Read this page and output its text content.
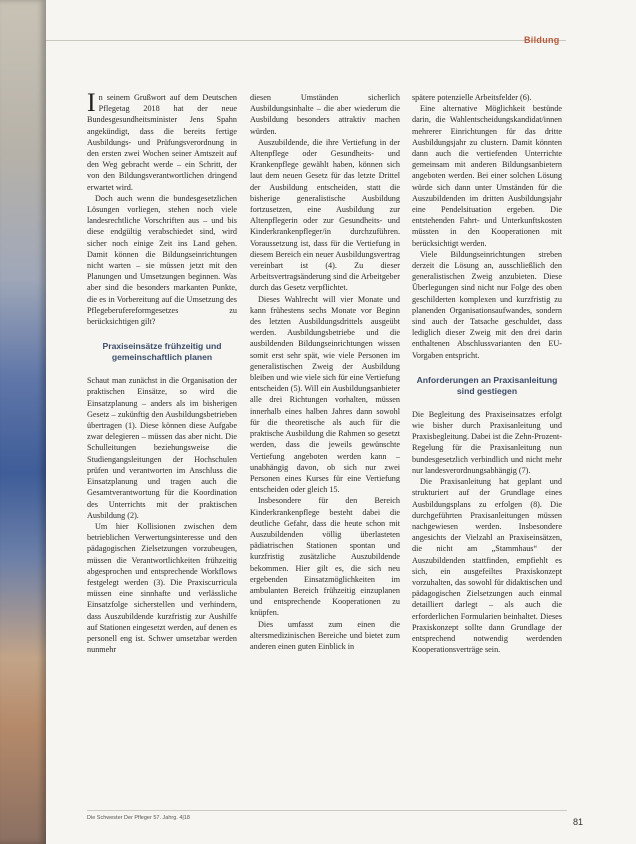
Bildung

In seinem Grußwort auf dem Deutschen Pflegetag 2018 hat der neue Bundesgesundheitsminister Jens Spahn angekündigt, dass die bereits fertige Ausbildungs- und Prüfungsverordnung in den ersten zwei Wochen seiner Amtszeit auf den Weg gebracht werde – ein Schritt, der von den Bildungsverantwortlichen dringend erwartet wird.

Doch auch wenn die bundesgesetzlichen Lösungen vorliegen, stehen noch viele landesrechtliche Vorschriften aus – und bis diese endgültig verabschiedet sind, wird sicher noch einige Zeit ins Land gehen. Damit können die Bildungseinrichtungen nicht warten – sie müssen jetzt mit den Planungen und Umsetzungen beginnen. Was aber sind die besonders markanten Punkte, die es in Vorbereitung auf die Umsetzung des Pflegeberufereformgesetzes zu berücksichtigen gilt?

Praxiseinsätze frühzeitig und gemeinschaftlich planen

Schaut man zunächst in die Organisation der praktischen Einsätze, so wird die Einsatzplanung – anders als im bisherigen Gesetz – zukünftig den Ausbildungsbetrieben übertragen (1). Diese können diese Aufgabe zwar delegieren – müssen das aber nicht. Die Schulleitungen beziehungsweise die Studiengangsleitungen der Hochschulen prüfen und verantworten im Anschluss die Einsatzplanung und tragen auch die Gesamtverantwortung für die Koordination des Unterrichts mit der praktischen Ausbildung (2).

Um hier Kollisionen zwischen dem betrieblichen Verwertungsinteresse und den pädagogischen Zielsetzungen vorzubeugen, müssen die Verantwortlichkeiten frühzeitig abgesprochen und entsprechende Workflows festgelegt werden (3). Die Praxiscurricula müssen eine sinnhafte und verlässliche Einsatzfolge sicherstellen und verhindern, dass Auszubildende kurzfristig zur Aushilfe auf Stationen eingesetzt werden, auf denen es personell eng ist. Schwer umsetzbar werden nunmehr

diesen Umständen sicherlich Ausbildungsinhalte – die aber wiederum die Ausbildung besonders attraktiv machen würden.

Auszubildende, die ihre Vertiefung in der Altenpflege oder Gesundheits- und Krankenpflege gewählt haben, können sich laut dem neuen Gesetz für das letzte Drittel der Ausbildung entscheiden, statt die bisherige generalistische Ausbildung fortzusetzen, eine Ausbildung zur Altenpflegerin oder zur Gesundheits- und Kinderkrankenpfleger/in durchzuführen. Voraussetzung ist, dass für die Vertiefung in diesem Bereich ein neuer Ausbildungsvertrag vereinbart ist (4). Zu dieser Arbeitsvertragsänderung sind die Arbeitgeber durch das Gesetz verpflichtet.

Dieses Wahlrecht will vier Monate und kann frühestens sechs Monate vor Beginn des letzten Ausbildungsdrittels ausgeübt werden. Ausbildungsbetriebe und die ausbildenden Bildungseinrichtungen wissen somit erst sehr spät, wie viele Personen im generalistischen Zweig der Ausbildung bleiben und wie viele sich für eine Vertiefung entscheiden (5). Will ein Ausbildungsanbieter alle drei Richtungen vorhalten, müssen innerhalb eines halben Jahres dann sowohl für die theoretische als auch für die praktische Ausbildung die Rahmen so gesetzt werden, dass die jeweils gewünschte Vertiefung angeboten werden kann – unabhängig davon, ob sich nur zwei Personen eines Kurses für eine Vertiefung entscheiden oder gleich 15.

Insbesondere für den Bereich Kinderkrankenpflege besteht dabei die deutliche Gefahr, dass die heute schon mit Auszubildenden völlig überlasteten pädiatrischen Stationen spontan und kurzfristig zusätzliche Auszubildende bekommen. Hier gilt es, die sich neu ergebenden Einsatzmöglichkeiten im ambulanten Bereich frühzeitig einzuplanen und entsprechende Kooperationen zu knüpfen.

Dies umfasst zum einen die altersmedizinischen Bereiche und bietet zum anderen einen guten Einblick in

spätere potenzielle Arbeitsfelder (6).

Eine alternative Möglichkeit bestünde darin, die Wahlentscheidungskandidat/innen mehrerer Einrichtungen für das dritte Ausbildungsjahr zu clustern. Damit könnten dann auch die vertiefenden Unterrichte gemeinsam mit anderen Bildungsanbietern angeboten werden. Bei einer solchen Lösung würde sich dann unter Umständen für die Auszubildenden im dritten Ausbildungsjahr eine Pendelsituation ergeben. Die entstehenden Fahrt- und Unterkunftskosten müssten in den Kooperationen mit berücksichtigt werden.

Viele Bildungseinrichtungen streben derzeit die Lösung an, ausschließlich den generalistischen Zweig anzubieten. Diese Überlegungen sind nicht nur Folge des oben geschilderten komplexen und kurzfristig zu planenden Organisationsaufwandes, sondern sind auch der Tatsache geschuldet, dass lediglich dieser Zweig mit den drei darin enthaltenen Abschlussvarianten den EU-Vorgaben entspricht.

Anforderungen an Praxisanleitung sind gestiegen

Die Begleitung des Praxiseinsatzes erfolgt wie bisher durch Praxisanleitung und Praxisbegleitung. Dabei ist die Zehn-Prozent-Regelung für die Praxisanleitung nun bundesgesetzlich verbindlich und nicht mehr nur landesverordnungsabhängig (7).

Die Praxisanleitung hat geplant und strukturiert auf der Grundlage eines Ausbildungsplans zu erfolgen (8). Die durchgeführten Praxisanleitungen müssen nachgewiesen werden. Insbesondere angesichts der Vielzahl an Praxiseinsätzen, die nicht am „Stammhaus“ der Auszubildenden stattfinden, empfiehlt es sich, ein ausgefeiltes Praxiskonzept vorzuhalten, das sowohl für didaktischen und pädagogischen Zielsetzungen auch einmal detailliert darlegt – als auch die erforderlichen Formularien beinhaltet. Dieses Praxiskonzept sollte dann Grundlage der entsprechend notwendig werdenden Kooperationsverträge sein.

Die Schwester Der Pfleger 57. Jahrg. 4|18	81
